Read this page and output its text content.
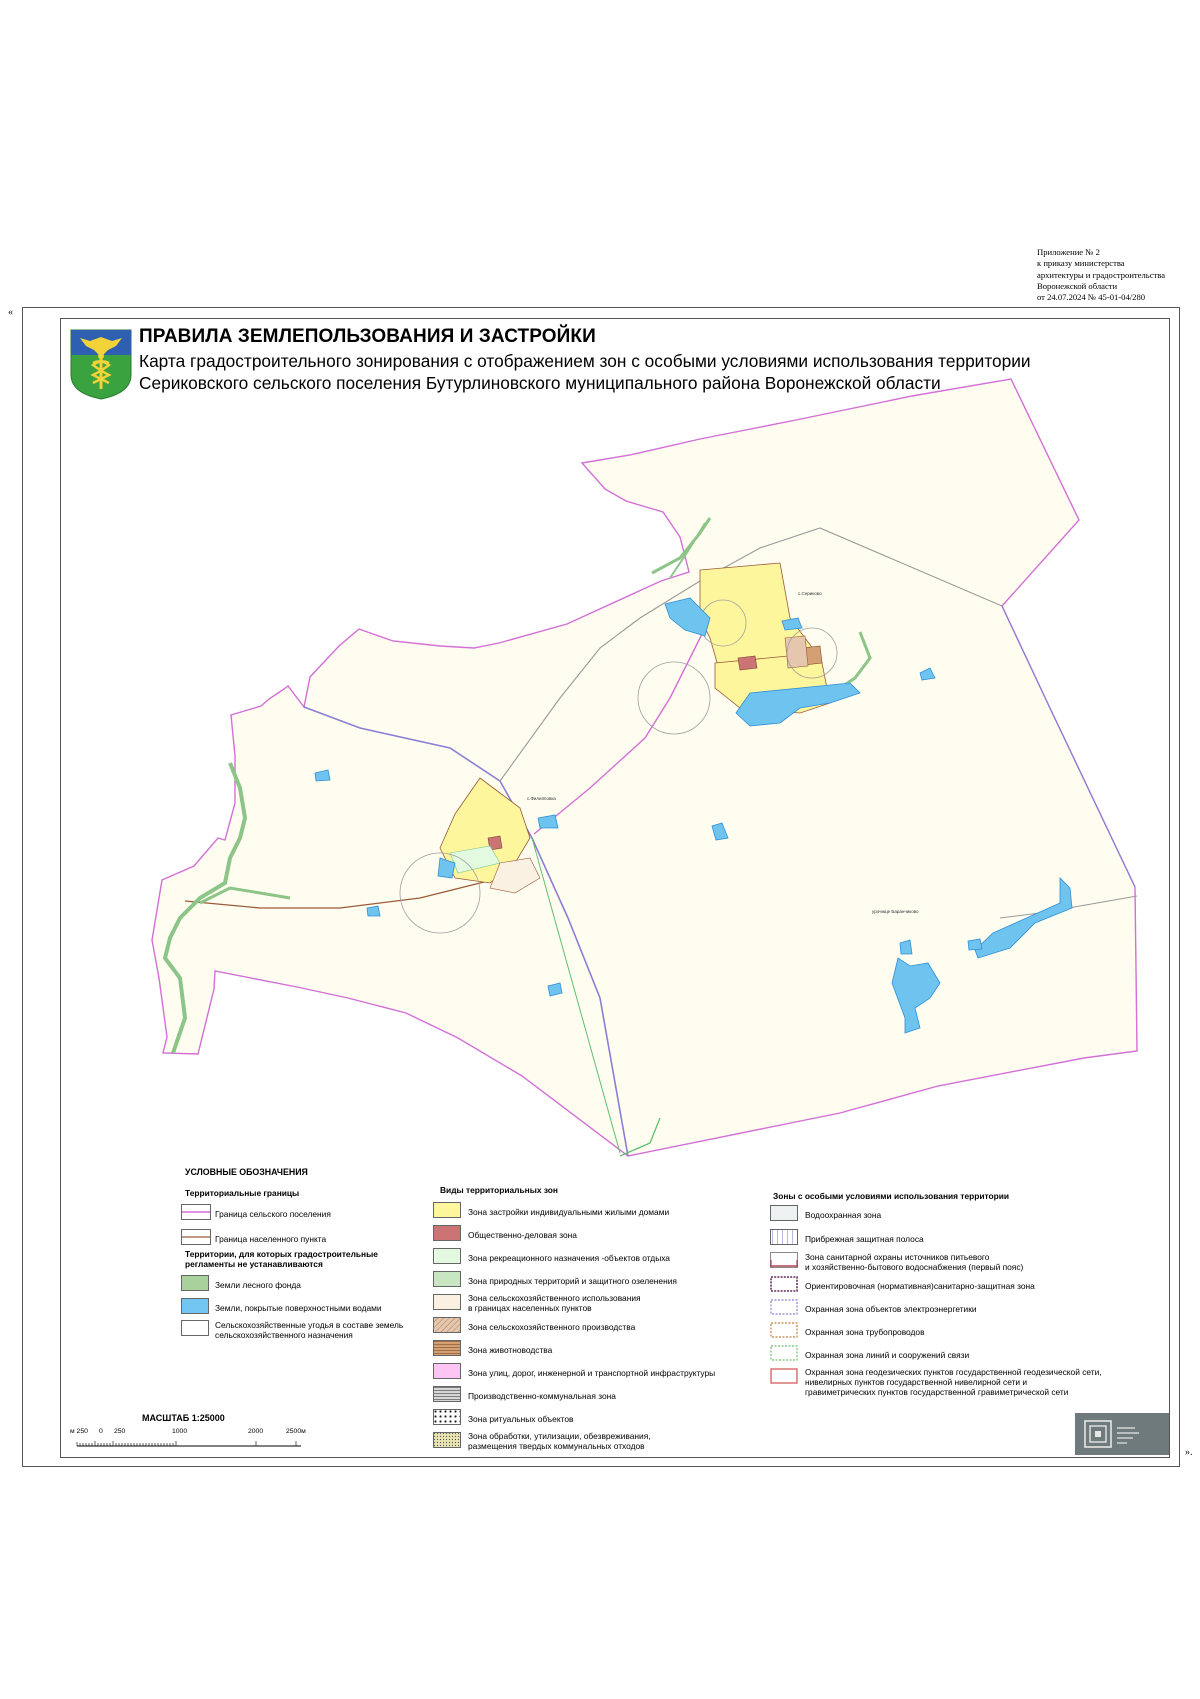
Приложение № 2
к приказу министерства
архитектуры и градостроительства
Воронежской области
от 24.07.2024 № 45-01-04/280
«
».
ПРАВИЛА ЗЕМЛЕПОЛЬЗОВАНИЯ И ЗАСТРОЙКИ
Карта градостроительного зонирования с отображением зон с особыми условиями использования территории
Сериковского сельского поселения Бутурлиновского муниципального района Воронежской области
с.Сериково
с.Филипповка
урочище Баранчиково
УСЛОВНЫЕ ОБОЗНАЧЕНИЯ
Территориальные границы
Граница сельского поселения
Граница населенного пункта
Территории, для которых градостроительные
регламенты не устанавливаются
Земли лесного фонда
Земли, покрытые поверхностными водами
Сельскохозяйственные угодья в составе земель
сельскохозяйственного назначения
Виды территориальных зон
Зона застройки индивидуальными жилыми домами
Общественно-деловая зона
Зона рекреационного назначения -объектов отдыха
Зона природных территорий и защитного озеленения
Зона сельскохозяйственного использования
в границах населенных пунктов
Зона сельскохозяйственного производства
Зона животноводства
Зона улиц, дорог, инженерной и транспортной инфраструктуры
Производственно-коммунальная зона
Зона ритуальных объектов
Зона обработки, утилизации, обезвреживания,
размещения твердых коммунальных отходов
Зоны с особыми условиями использования территории
Водоохранная зона
Прибрежная защитная полоса
Зона санитарной охраны источников питьевого
и хозяйственно-бытового водоснабжения (первый пояс)
Ориентировочная (нормативная)санитарно-защитная зона
Охранная зона объектов электроэнергетики
Охранная зона трубопроводов
Охранная зона линий и сооружений связи
Охранная зона геодезических пунктов государственной геодезической сети,
нивелирных пунктов государственной нивелирной сети и
гравиметрических пунктов государственной гравиметрической сети
МАСШТАБ 1:25000
м 250 0 250	1000	2000	2500м
